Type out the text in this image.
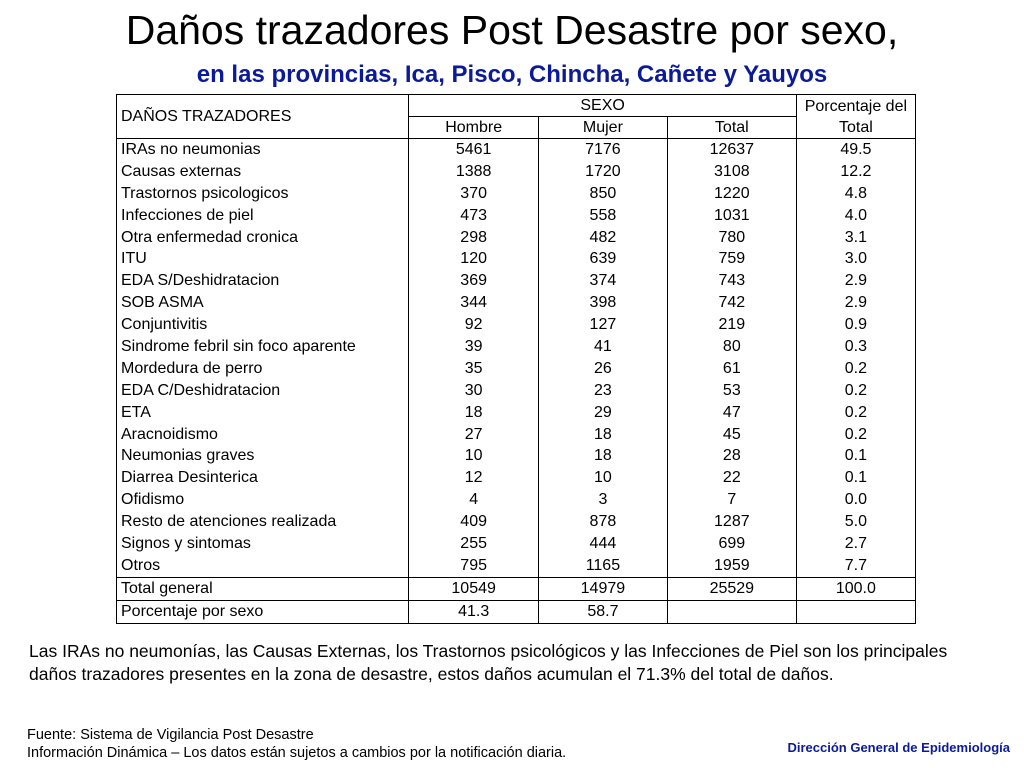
Daños trazadores Post Desastre por sexo,
en las provincias, Ica, Pisco, Chincha, Cañete y Yauyos
DAÑOS TRAZADORES	SEXO			Porcentaje del Total
	Hombre	Mujer	Total	
IRAs no neumonias	5461	7176	12637	49.5
Causas externas	1388	1720	3108	12.2
Trastornos psicologicos	370	850	1220	4.8
Infecciones de piel	473	558	1031	4.0
Otra enfermedad cronica	298	482	780	3.1
ITU	120	639	759	3.0
EDA S/Deshidratacion	369	374	743	2.9
SOB ASMA	344	398	742	2.9
Conjuntivitis	92	127	219	0.9
Sindrome febril sin foco aparente	39	41	80	0.3
Mordedura de perro	35	26	61	0.2
EDA C/Deshidratacion	30	23	53	0.2
ETA	18	29	47	0.2
Aracnoidismo	27	18	45	0.2
Neumonias graves	10	18	28	0.1
Diarrea Desinterica	12	10	22	0.1
Ofidismo	4	3	7	0.0
Resto de atenciones realizada	409	878	1287	5.0
Signos y sintomas	255	444	699	2.7
Otros	795	1165	1959	7.7
Total general	10549	14979	25529	100.0
Porcentaje por sexo	41.3	58.7		
Las IRAs no neumonías, las Causas Externas, los Trastornos psicológicos y las Infecciones de Piel son los principales daños trazadores presentes en la zona de desastre, estos daños acumulan el 71.3% del total de daños.
Fuente: Sistema de Vigilancia Post Desastre
Información Dinámica – Los datos están sujetos a cambios por la notificación diaria.	Dirección General de Epidemiología
